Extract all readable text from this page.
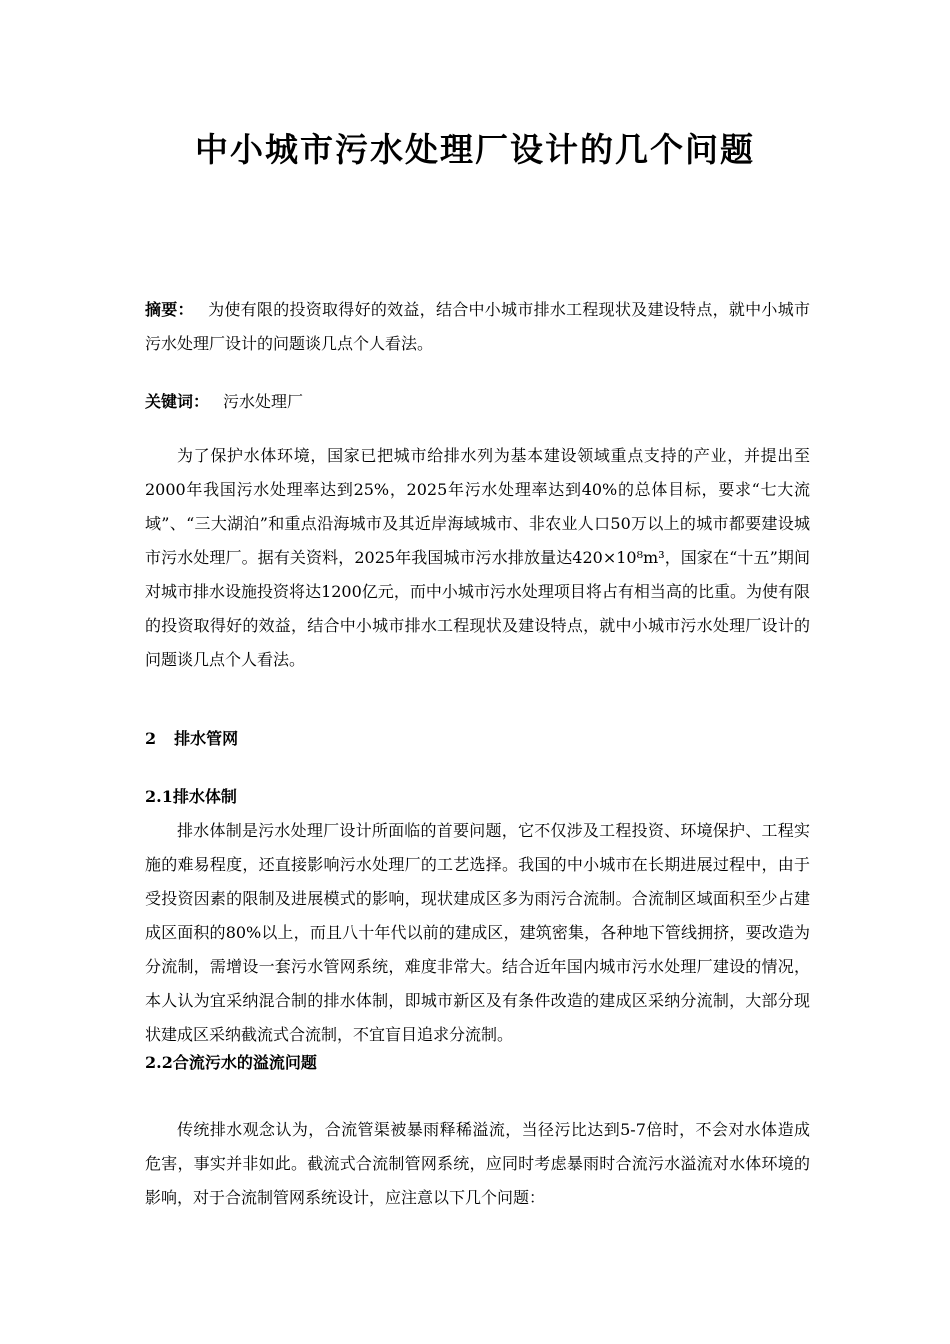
中小城市污水处理厂设计的几个问题

摘要： 为使有限的投资取得好的效益，结合中小城市排水工程现状及建设特点，就中小城市污水处理厂设计的问题谈几点个人看法。

关键词： 污水处理厂

为了保护水体环境，国家已把城市给排水列为基本建设领域重点支持的产业，并提出至2000年我国污水处理率达到25%，2025年污水处理率达到40%的总体目标，要求“七大流域”、“三大湖泊”和重点沿海城市及其近岸海域城市、非农业人口50万以上的城市都要建设城市污水处理厂。据有关资料，2025年我国城市污水排放量达420×10⁸m³，国家在“十五”期间对城市排水设施投资将达1200亿元，而中小城市污水处理项目将占有相当高的比重。为使有限的投资取得好的效益，结合中小城市排水工程现状及建设特点，就中小城市污水处理厂设计的问题谈几点个人看法。

2 排水管网

2.1排水体制

排水体制是污水处理厂设计所面临的首要问题，它不仅涉及工程投资、环境保护、工程实施的难易程度，还直接影响污水处理厂的工艺选择。我国的中小城市在长期进展过程中，由于受投资因素的限制及进展模式的影响，现状建成区多为雨污合流制。合流制区域面积至少占建成区面积的80%以上，而且八十年代以前的建成区，建筑密集，各种地下管线拥挤，要改造为分流制，需增设一套污水管网系统，难度非常大。结合近年国内城市污水处理厂建设的情况，本人认为宜采纳混合制的排水体制，即城市新区及有条件改造的建成区采纳分流制，大部分现状建成区采纳截流式合流制，不宜盲目追求分流制。

2.2合流污水的溢流问题

传统排水观念认为，合流管渠被暴雨释稀溢流，当径污比达到5-7倍时，不会对水体造成危害，事实并非如此。截流式合流制管网系统，应同时考虑暴雨时合流污水溢流对水体环境的影响，对于合流制管网系统设计，应注意以下几个问题：
